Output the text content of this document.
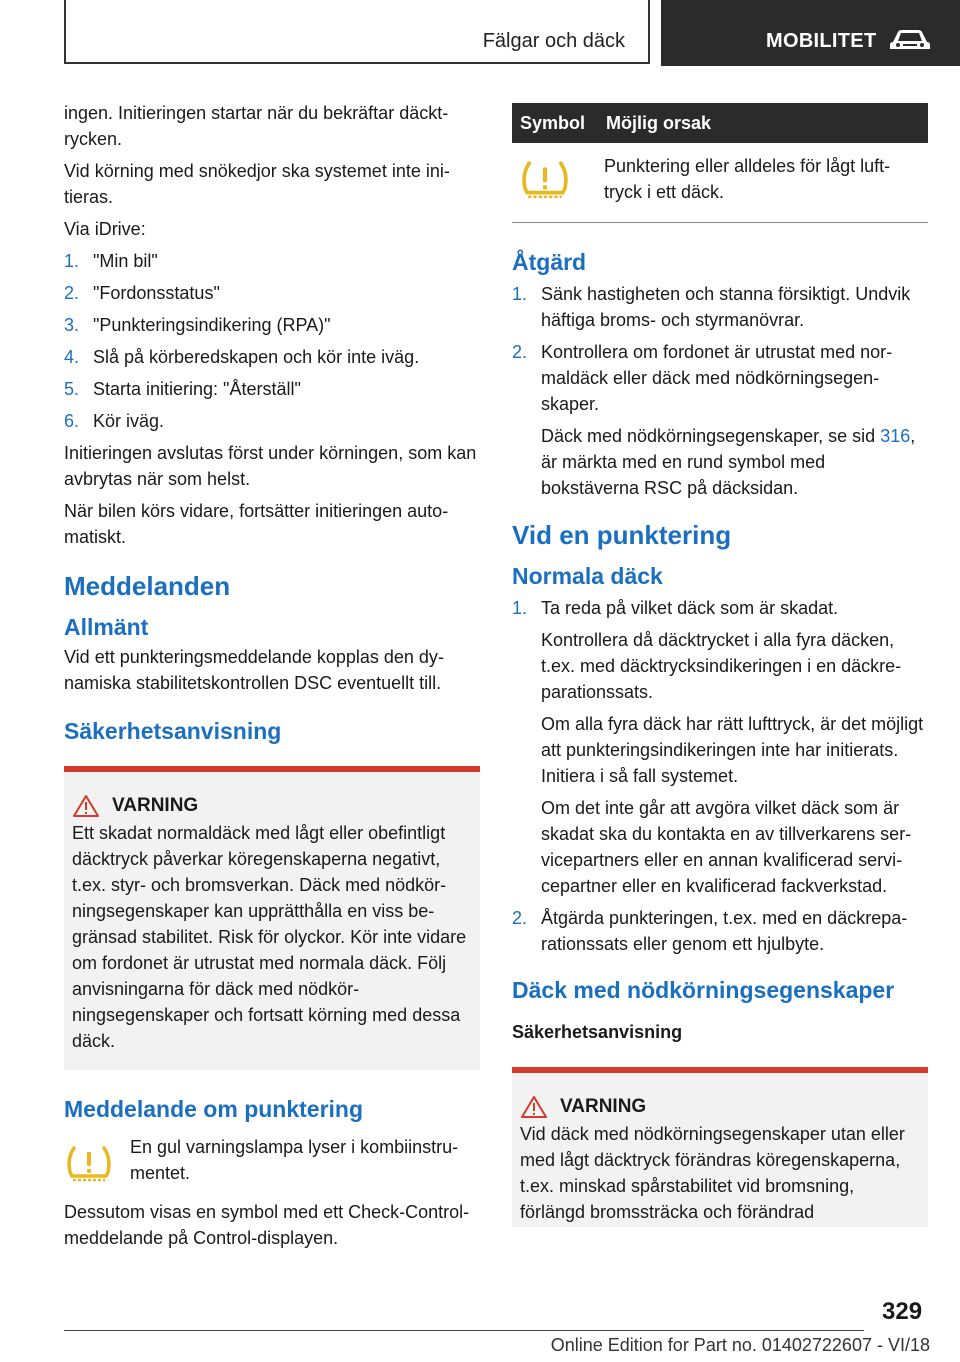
Fälgar och däck	MOBILITET

ingen. Initieringen startar när du bekräftar däcktrycken.

Vid körning med snökedjor ska systemet inte initieras.

Via iDrive:

1. "Min bil"
2. "Fordonsstatus"
3. "Punkteringsindikering (RPA)"
4. Slå på körberedskapen och kör inte iväg.
5. Starta initiering: "Återställ"
6. Kör iväg.

Initieringen avslutas först under körningen, som kan avbrytas när som helst.

När bilen körs vidare, fortsätter initieringen automatiskt.

Meddelanden
Allmänt

Vid ett punkteringsmeddelande kopplas den dynamiska stabilitetskontrollen DSC eventuellt till.

Säkerhetsanvisning
VARNING
Ett skadat normaldäck med lågt eller obefintligt däcktryck påverkar köregenskaperna negativt, t.ex. styr- och bromsverkan. Däck med nödkörningsegenskaper kan upprätthålla en viss begränsad stabilitet. Risk för olyckor. Kör inte vidare om fordonet är utrustat med normala däck. Följ anvisningarna för däck med nödkörningsegenskaper och fortsatt körning med dessa däck.
Meddelande om punktering
En gul varningslampa lyser i kombiinstrumentet.

Dessutom visas en symbol med ett Check-Control-meddelande på Control-displayen.

Symbol	Möjlig orsak
	Punktering eller alldeles för lågt lufttryck i ett däck.
Åtgärd
1. Sänk hastigheten och stanna försiktigt. Undvik häftiga broms- och styrmanövrar.
2. Kontrollera om fordonet är utrustat med normaldäck eller däck med nödkörningsegenskaper.
Däck med nödkörningsegenskaper, se sid 316, är märkta med en rund symbol med bokstäverna RSC på däcksidan.
Vid en punktering
Normala däck
1. Ta reda på vilket däck som är skadat.
Kontrollera då däcktrycket i alla fyra däcken, t.ex. med däcktrycksindikeringen i en däckreparationssats.
Om alla fyra däck har rätt lufttryck, är det möjligt att punkteringsindikeringen inte har initierats. Initiera i så fall systemet.
Om det inte går att avgöra vilket däck som är skadat ska du kontakta en av tillverkarens servicepartners eller en annan kvalificerad servicepartner eller en kvalificerad fackverkstad.
2. Åtgärda punkteringen, t.ex. med en däckreparationssats eller genom ett hjulbyte.
Däck med nödkörningsegenskaper
Säkerhetsanvisning
VARNING
Vid däck med nödkörningsegenskaper utan eller med lågt däcktryck förändras köregenskaperna, t.ex. minskad spårstabilitet vid bromsning, förlängd bromssträcka och förändrad
329
Online Edition for Part no. 01402722607 - VI/18
